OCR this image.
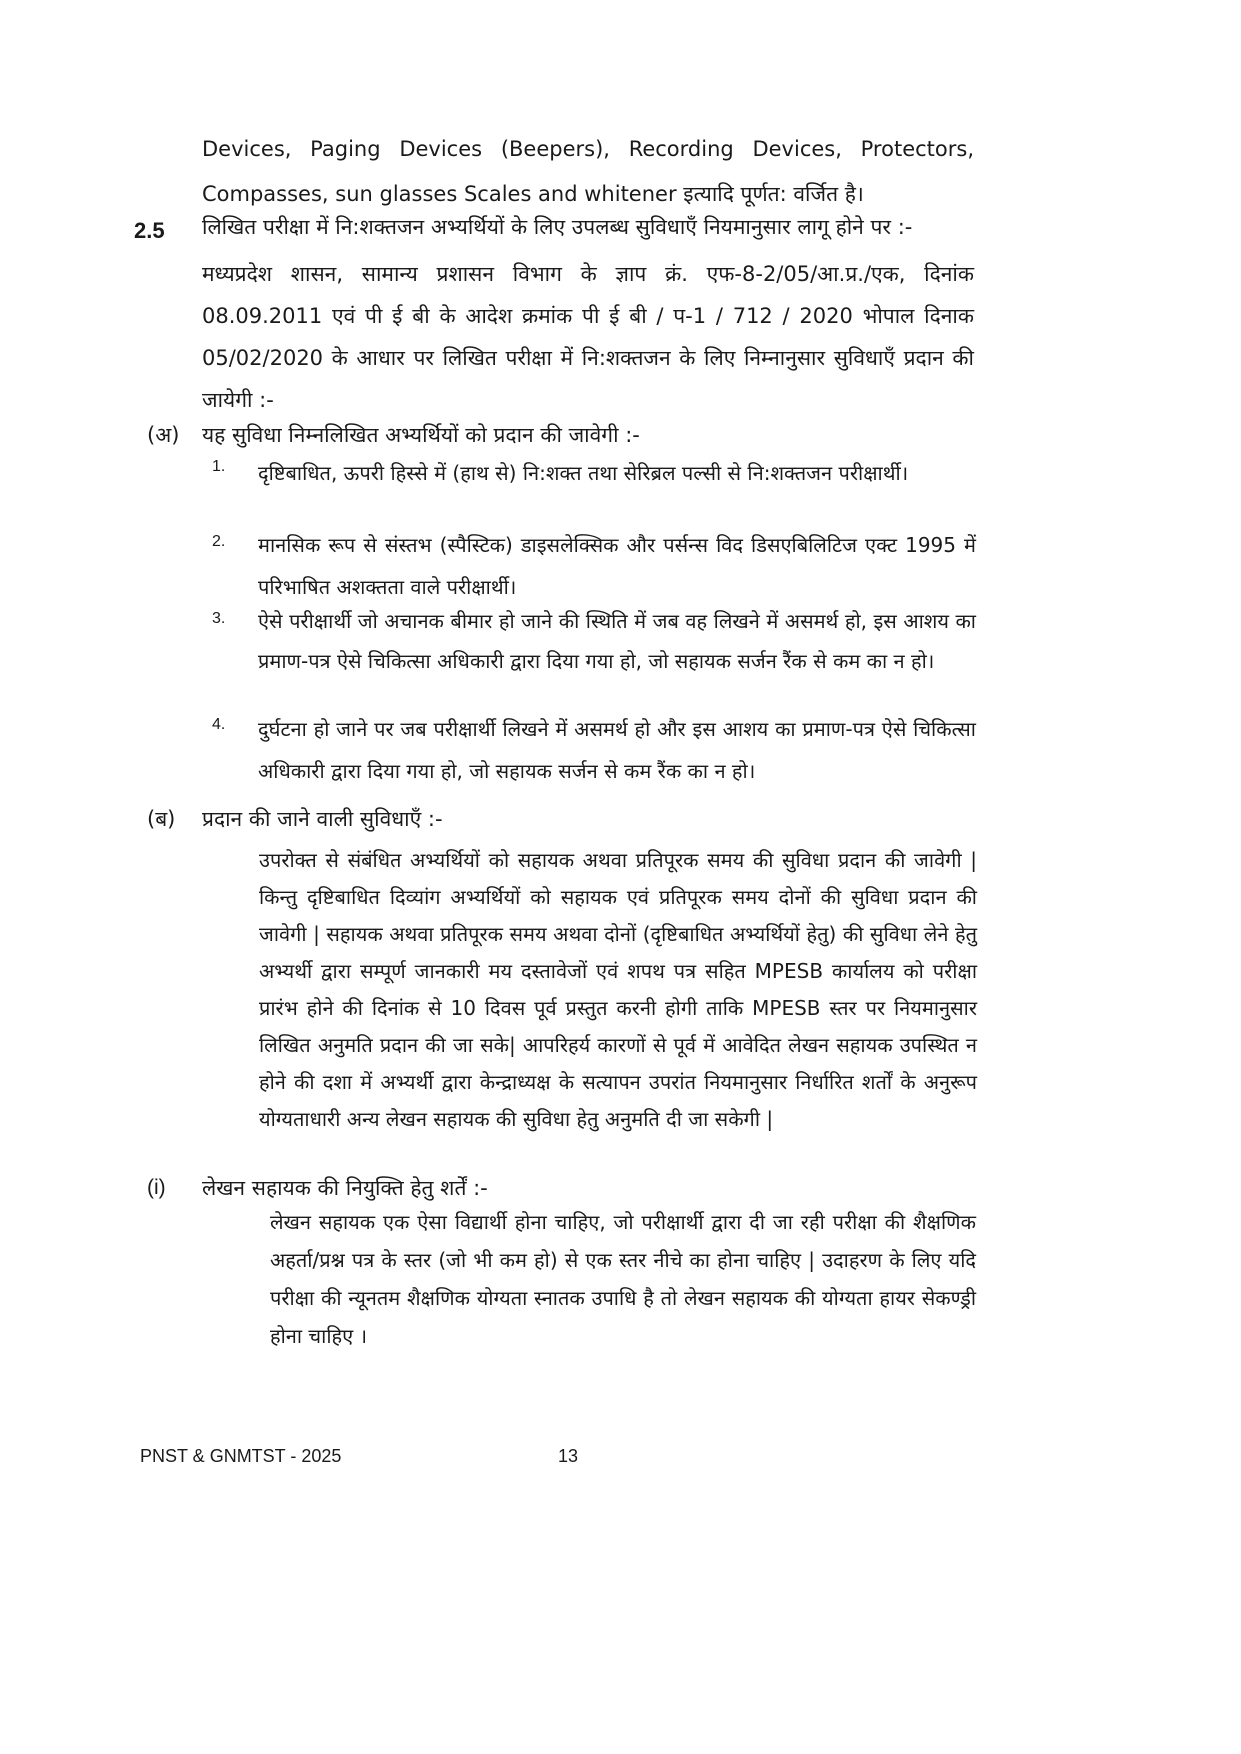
Devices, Paging Devices (Beepers), Recording Devices, Protectors, Compasses, sun glasses Scales and whitener इत्यादि पूर्णत: वर्जित है।
2.5 लिखित परीक्षा में नि:शक्तजन अभ्यर्थियों के लिए उपलब्ध सुविधाएँ नियमानुसार लागू होने पर :-
मध्यप्रदेश शासन, सामान्य प्रशासन विभाग के ज्ञाप क्रं. एफ-8-2/05/आ.प्र./एक, दिनांक 08.09.2011 एवं पी ई बी के आदेश क्रमांक पी ई बी / प-1 / 712 / 2020 भोपाल दिनाक 05/02/2020 के आधार पर लिखित परीक्षा में नि:शक्तजन के लिए निम्नानुसार सुविधाएँ प्रदान की जायेगी :-
(अ) यह सुविधा निम्नलिखित अभ्यर्थियों को प्रदान की जावेगी :-
1. दृष्टिबाधित, ऊपरी हिस्से में (हाथ से) नि:शक्त तथा सेरिब्रल पल्सी से नि:शक्तजन परीक्षार्थी।
2. मानसिक रूप से संस्तभ (स्पैस्टिक) डाइसलेक्सिक और पर्सन्स विद डिसएबिलिटिज एक्ट 1995 में परिभाषित अशक्तता वाले परीक्षार्थी।
3. ऐसे परीक्षार्थी जो अचानक बीमार हो जाने की स्थिति में जब वह लिखने में असमर्थ हो, इस आशय का प्रमाण-पत्र ऐसे चिकित्सा अधिकारी द्वारा दिया गया हो, जो सहायक सर्जन रैंक से कम का न हो।
4. दुर्घटना हो जाने पर जब परीक्षार्थी लिखने में असमर्थ हो और इस आशय का प्रमाण-पत्र ऐसे चिकित्सा अधिकारी द्वारा दिया गया हो, जो सहायक सर्जन से कम रैंक का न हो।
(ब) प्रदान की जाने वाली सुविधाएँ :-
उपरोक्त से संबंधित अभ्यर्थियों को सहायक अथवा प्रतिपूरक समय की सुविधा प्रदान की जावेगी | किन्तु दृष्टिबाधित दिव्यांग अभ्यर्थियों को सहायक एवं प्रतिपूरक समय दोनों की सुविधा प्रदान की जावेगी | सहायक अथवा प्रतिपूरक समय अथवा दोनों (दृष्टिबाधित अभ्यर्थियों हेतु) की सुविधा लेने हेतु अभ्यर्थी द्वारा सम्पूर्ण जानकारी मय दस्तावेजों एवं शपथ पत्र सहित MPESB कार्यालय को परीक्षा प्रारंभ होने की दिनांक से 10 दिवस पूर्व प्रस्तुत करनी होगी ताकि MPESB स्तर पर नियमानुसार लिखित अनुमति प्रदान की जा सके| आपरिहर्य कारणों से पूर्व में आवेदित लेखन सहायक उपस्थित न होने की दशा में अभ्यर्थी द्वारा केन्द्राध्यक्ष के सत्यापन उपरांत नियमानुसार निर्धारित शर्तों के अनुरूप योग्यताधारी अन्य लेखन सहायक की सुविधा हेतु अनुमति दी जा सकेगी |
(i) लेखन सहायक की नियुक्ति हेतु शर्तें :-
लेखन सहायक एक ऐसा विद्यार्थी होना चाहिए, जो परीक्षार्थी द्वारा दी जा रही परीक्षा की शैक्षणिक अहर्ता/प्रश्न पत्र के स्तर (जो भी कम हो) से एक स्तर नीचे का होना चाहिए | उदाहरण के लिए यदि परीक्षा की न्यूनतम शैक्षणिक योग्यता स्नातक उपाधि है तो लेखन सहायक की योग्यता हायर सेकण्ड्री होना चाहिए ।
PNST & GNMTST - 2025	13
